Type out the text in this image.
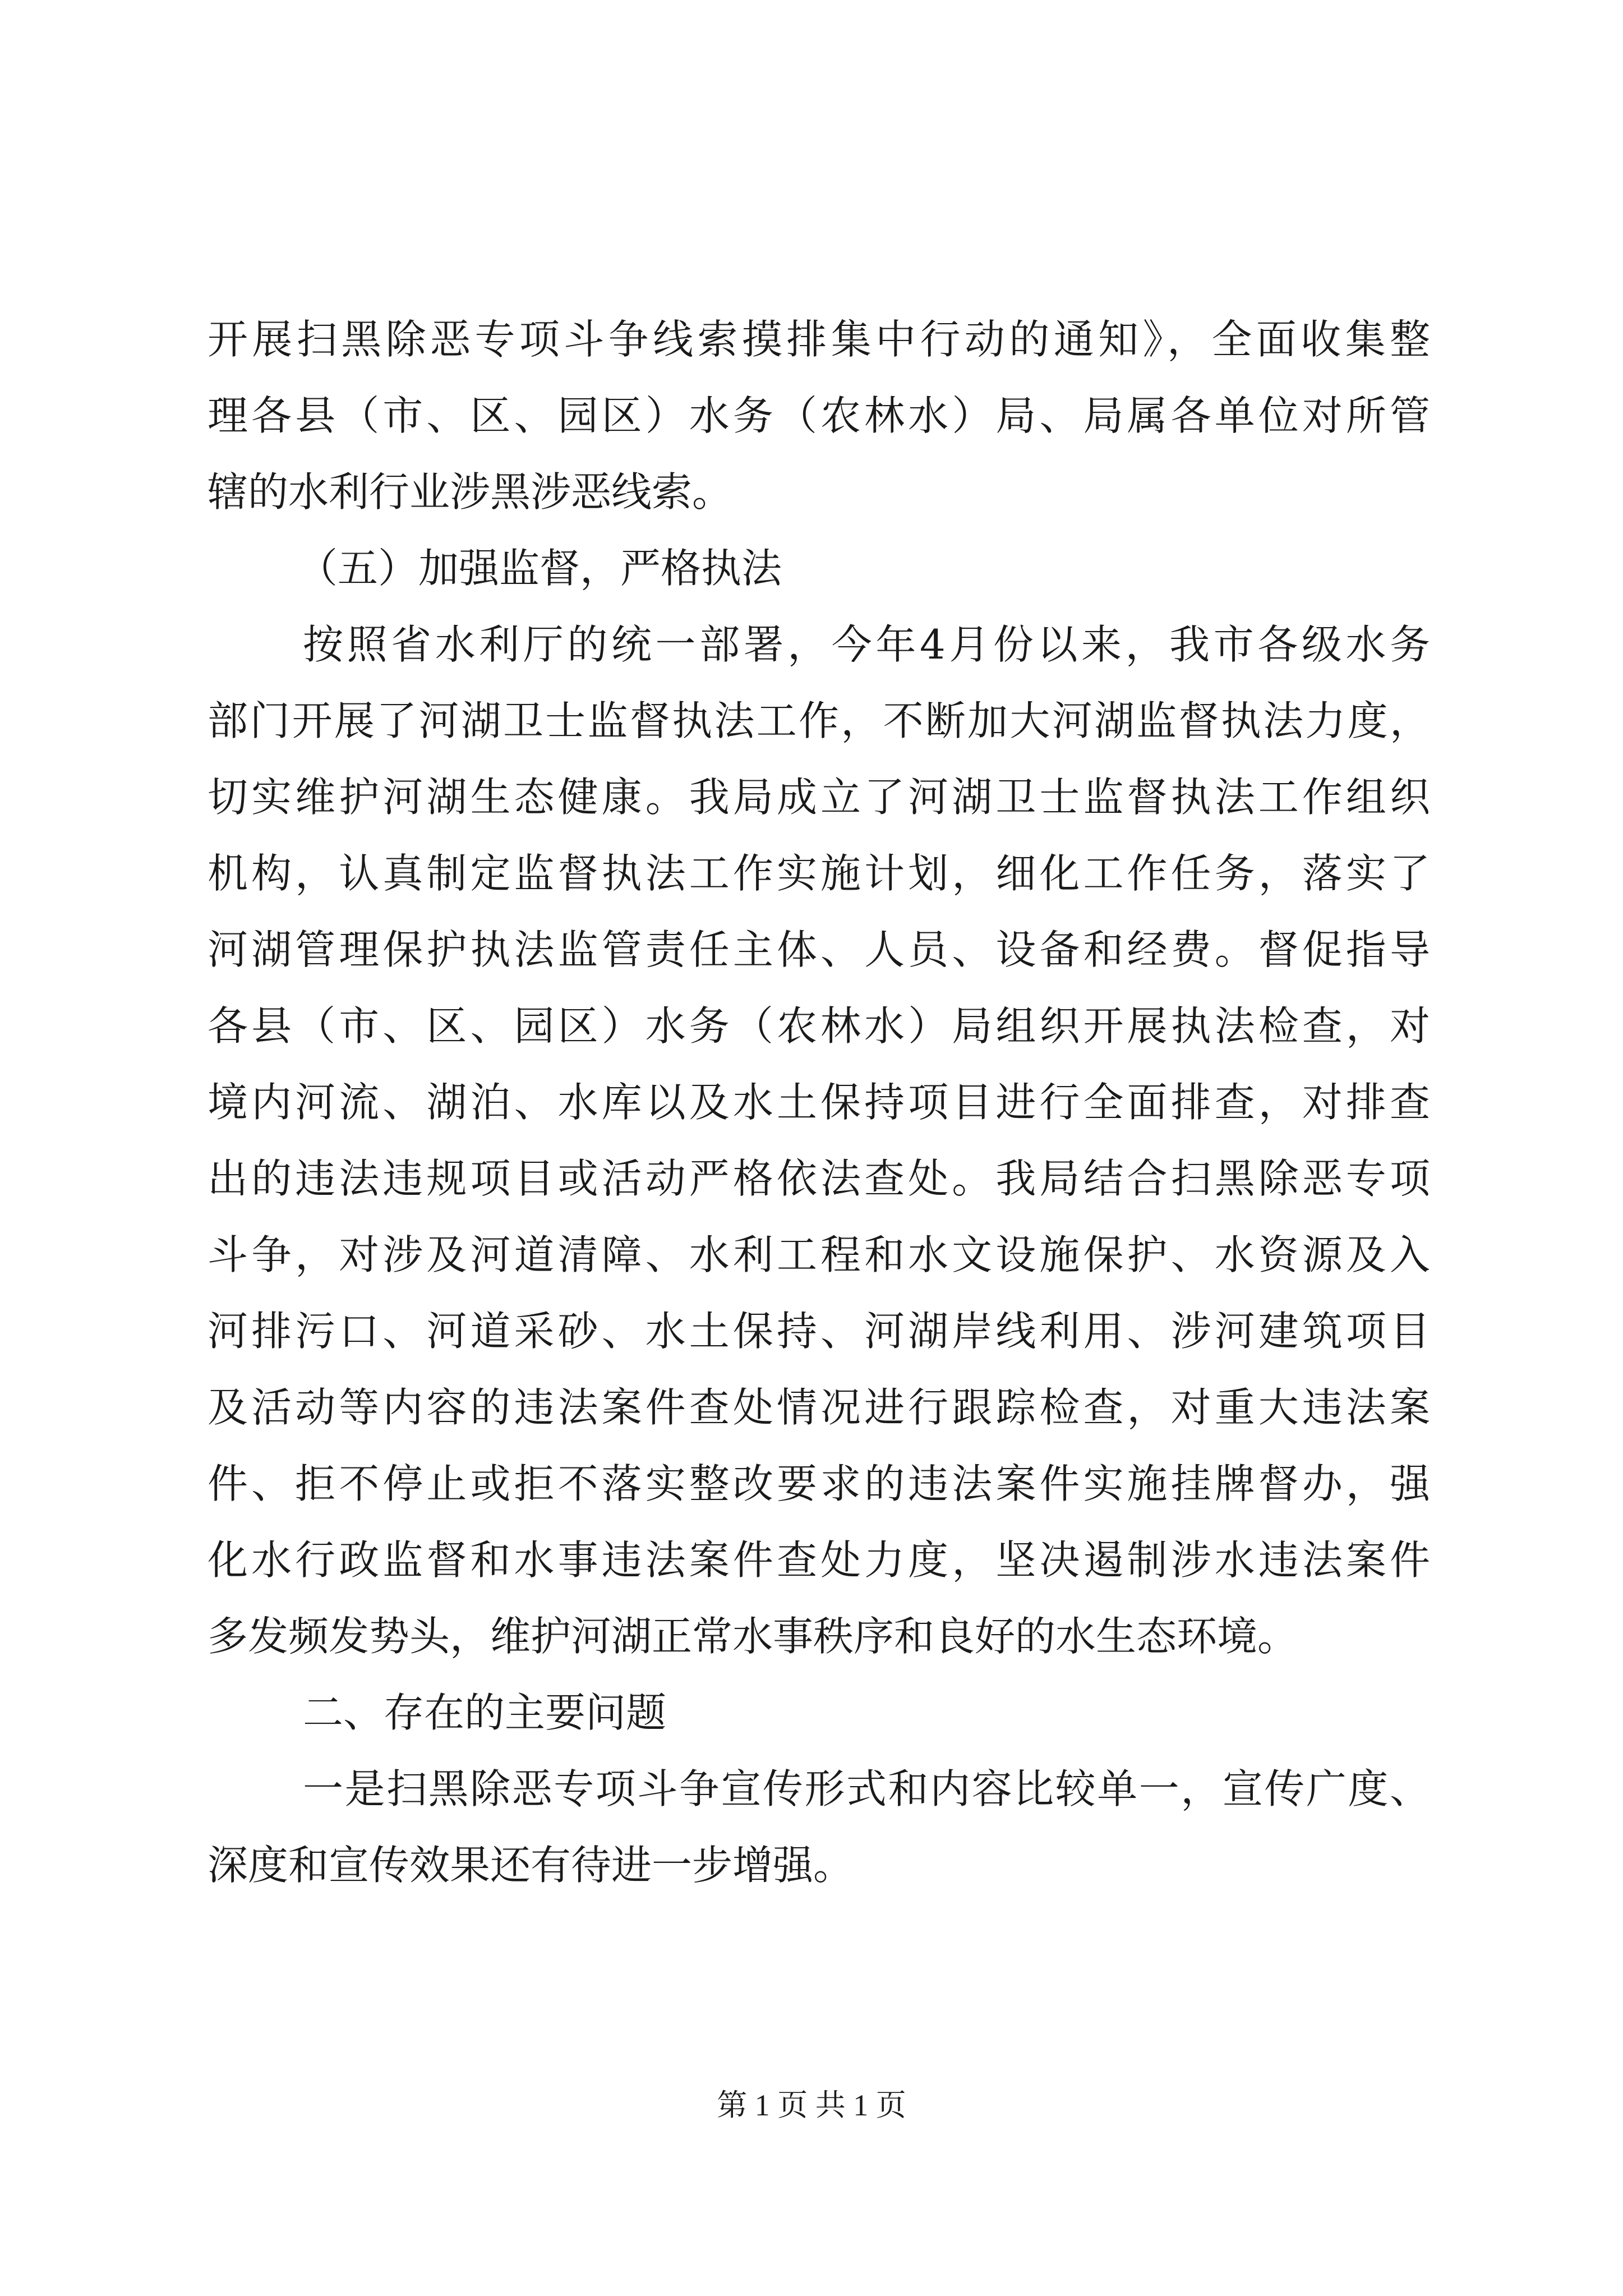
开展扫黑除恶专项斗争线索摸排集中行动的通知》，全面收集整
理各县（市、区、园区）水务（农林水）局、局属各单位对所管
辖的水利行业涉黑涉恶线索。
（五）加强监督，严格执法
按照省水利厅的统一部署，今年4月份以来，我市各级水务
部门开展了河湖卫士监督执法工作，不断加大河湖监督执法力度，
切实维护河湖生态健康。我局成立了河湖卫士监督执法工作组织
机构，认真制定监督执法工作实施计划，细化工作任务，落实了
河湖管理保护执法监管责任主体、人员、设备和经费。督促指导
各县（市、区、园区）水务（农林水）局组织开展执法检查，对
境内河流、湖泊、水库以及水土保持项目进行全面排查，对排查
出的违法违规项目或活动严格依法查处。我局结合扫黑除恶专项
斗争，对涉及河道清障、水利工程和水文设施保护、水资源及入
河排污口、河道采砂、水土保持、河湖岸线利用、涉河建筑项目
及活动等内容的违法案件查处情况进行跟踪检查，对重大违法案
件、拒不停止或拒不落实整改要求的违法案件实施挂牌督办，强
化水行政监督和水事违法案件查处力度，坚决遏制涉水违法案件
多发频发势头，维护河湖正常水事秩序和良好的水生态环境。
二、存在的主要问题
一是扫黑除恶专项斗争宣传形式和内容比较单一，宣传广度、
深度和宣传效果还有待进一步增强。
第 1 页 共 1 页
